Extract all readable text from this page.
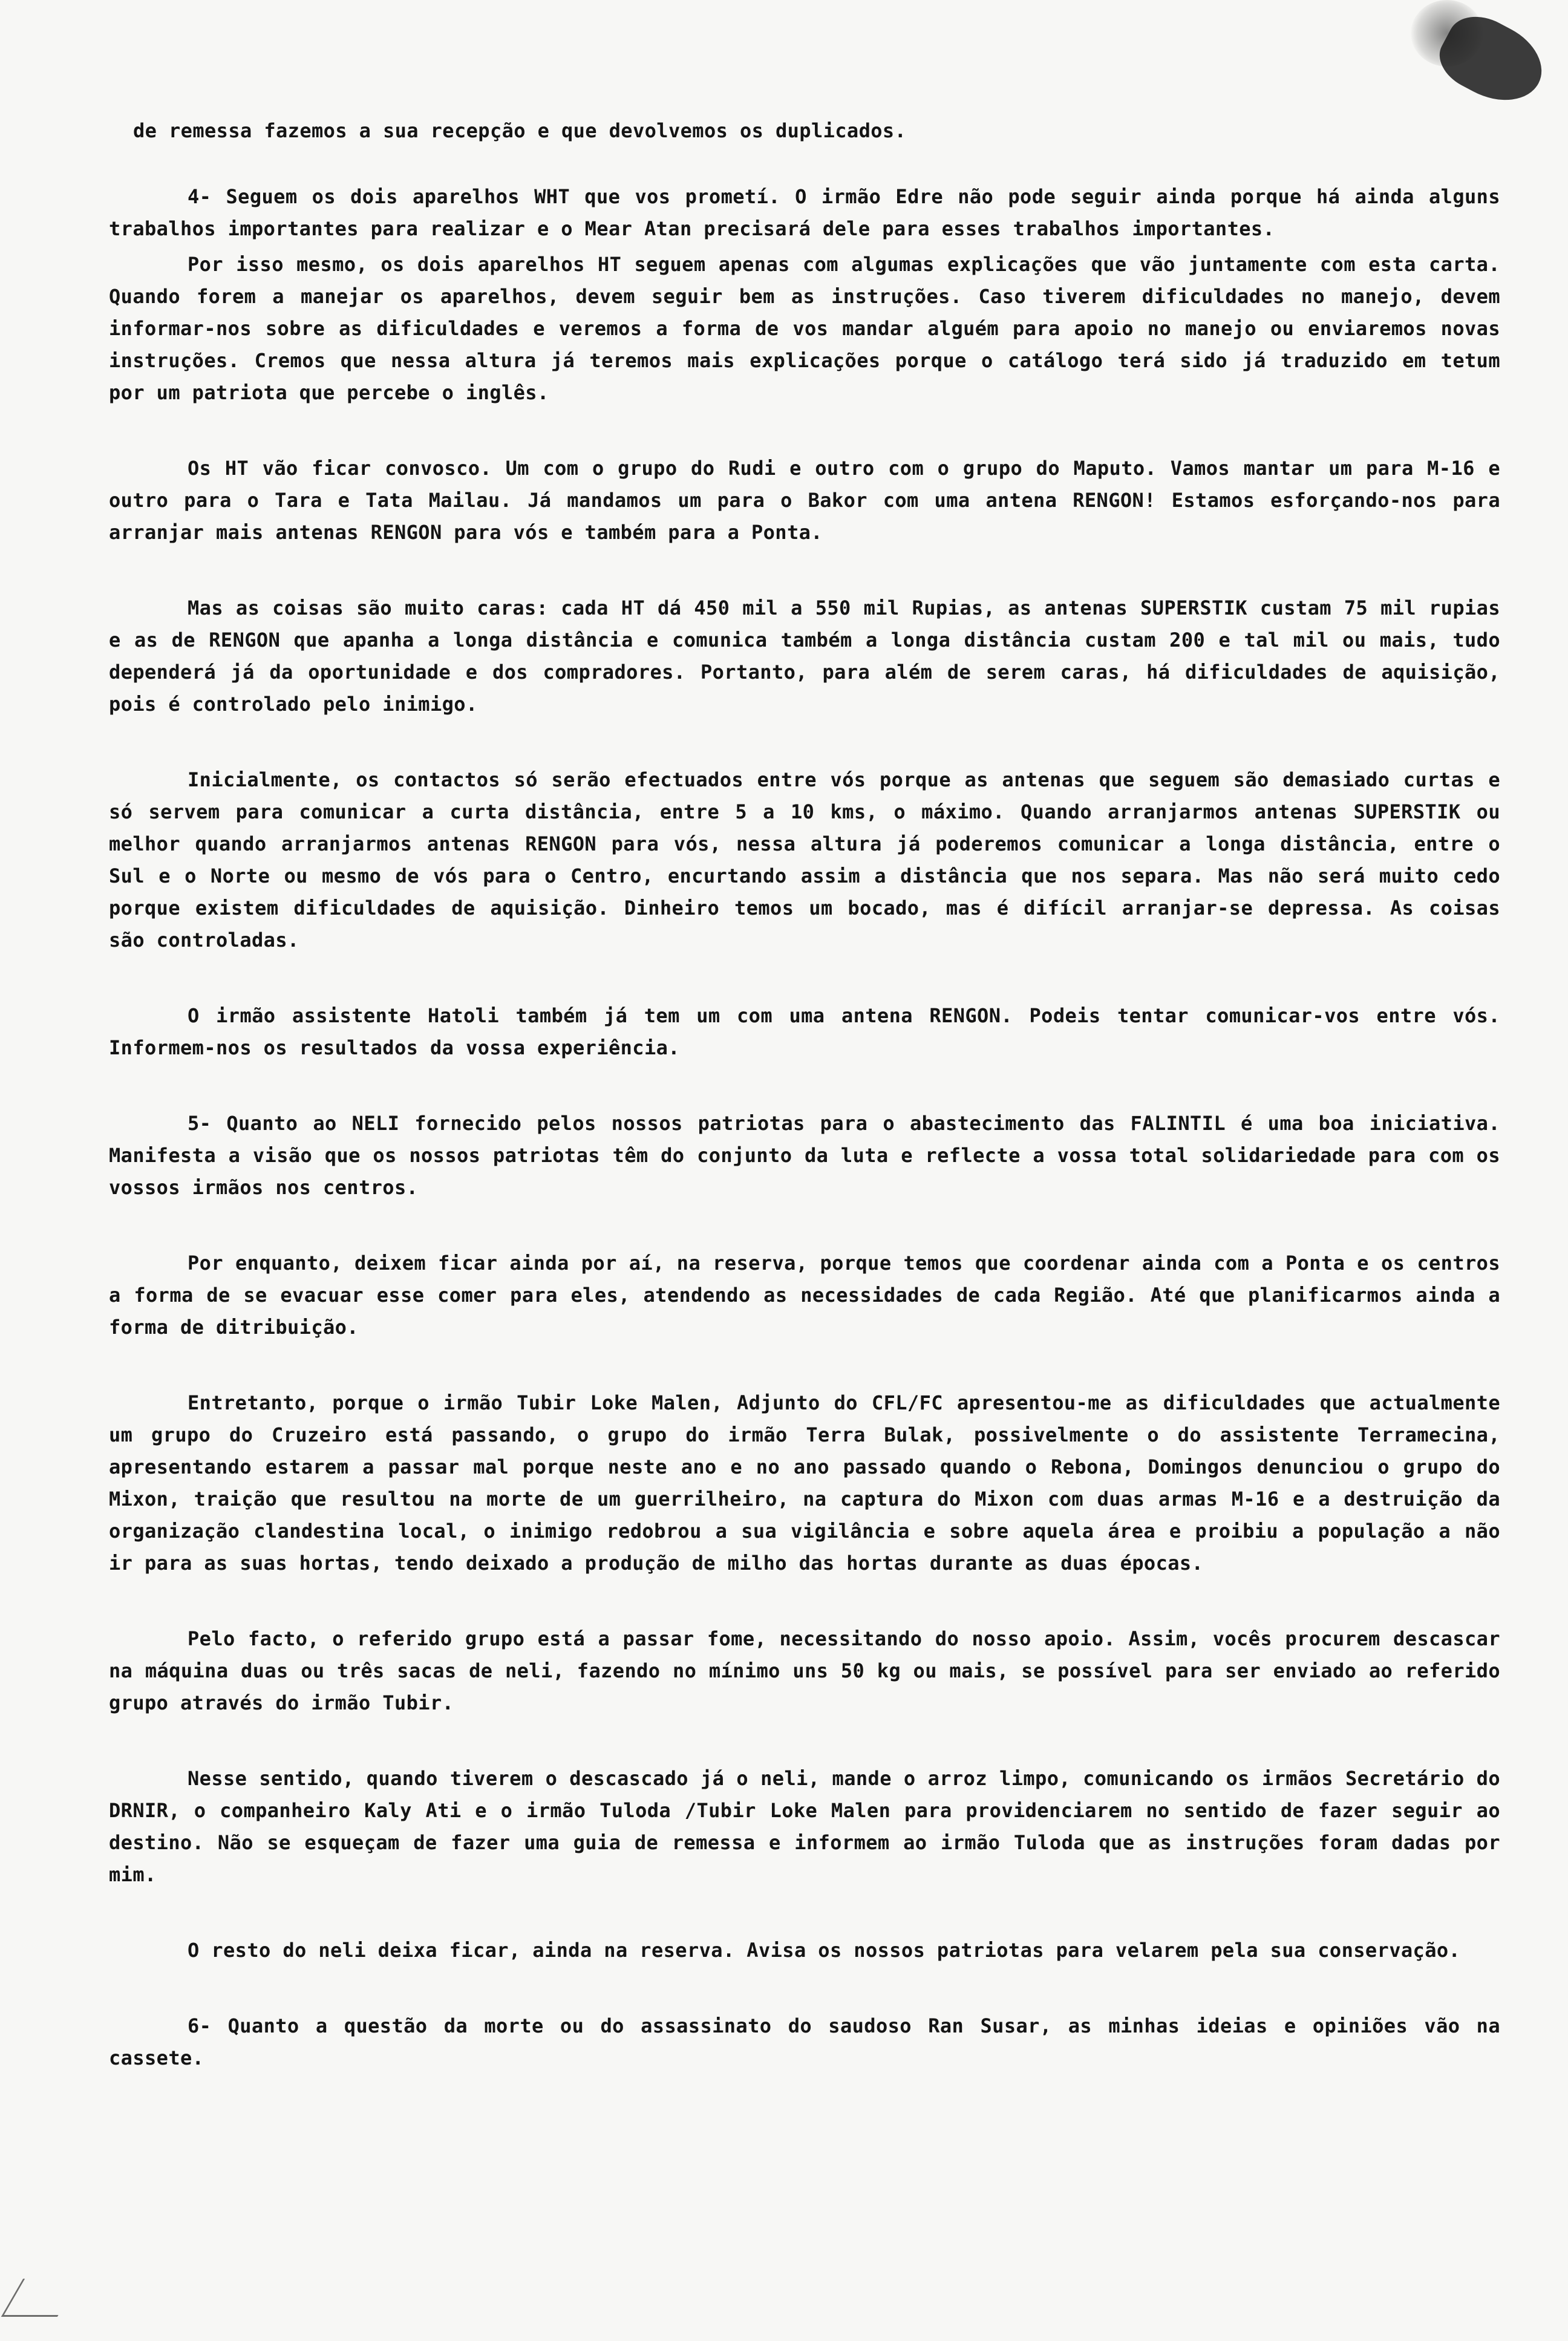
de remessa fazemos a sua recepção e que devolvemos os duplicados.

4- Seguem os dois aparelhos WHT que vos prometí. O irmão Edre não pode seguir ainda porque há ainda alguns trabalhos importantes para realizar e o Mear Atan precisará dele para esses trabalhos importantes.

Por isso mesmo, os dois aparelhos HT seguem apenas com algumas explicações que vão juntamente com esta carta. Quando forem a manejar os aparelhos, devem seguir bem as instruções. Caso tiverem dificuldades no manejo, devem informar-nos sobre as dificuldades e veremos a forma de vos mandar alguém para apoio no manejo ou enviaremos novas instruções. Cremos que nessa altura já teremos mais explicações porque o catálogo terá sido já traduzido em tetum por um patriota que percebe o inglês.

Os HT vão ficar convosco. Um com o grupo do Rudi e outro com o grupo do Maputo. Vamos mantar um para M-16 e outro para o Tara e Tata Mailau. Já mandamos um para o Bakor com uma antena RENGON! Estamos esforçando-nos para arranjar mais antenas RENGON para vós e também para a Ponta.

Mas as coisas são muito caras: cada HT dá 450 mil a 550 mil Rupias, as antenas SUPERSTIK custam 75 mil rupias e as de RENGON que apanha a longa distância e comunica também a longa distância custam 200 e tal mil ou mais, tudo dependerá já da oportunidade e dos compradores. Portanto, para além de serem caras, há dificuldades de aquisição, pois é controlado pelo inimigo.

Inicialmente, os contactos só serão efectuados entre vós porque as antenas que seguem são demasiado curtas e só servem para comunicar a curta distância, entre 5 a 10 kms, o máximo. Quando arranjarmos antenas SUPERSTIK ou melhor quando arranjarmos antenas RENGON para vós, nessa altura já poderemos comunicar a longa distância, entre o Sul e o Norte ou mesmo de vós para o Centro, encurtando assim a distância que nos separa. Mas não será muito cedo porque existem dificuldades de aquisição. Dinheiro temos um bocado, mas é difícil arranjar-se depressa. As coisas são controladas.

O irmão assistente Hatoli também já tem um com uma antena RENGON. Podeis tentar comunicar-vos entre vós. Informem-nos os resultados da vossa experiência.

5- Quanto ao NELI fornecido pelos nossos patriotas para o abastecimento das FALINTIL é uma boa iniciativa. Manifesta a visão que os nossos patriotas têm do conjunto da luta e reflecte a vossa total solidariedade para com os vossos irmãos nos centros.

Por enquanto, deixem ficar ainda por aí, na reserva, porque temos que coordenar ainda com a Ponta e os centros a forma de se evacuar esse comer para eles, atendendo as necessidades de cada Região. Até que planificarmos ainda a forma de ditribuição.

Entretanto, porque o irmão Tubir Loke Malen, Adjunto do CFL/FC apresentou-me as dificuldades que actualmente um grupo do Cruzeiro está passando, o grupo do irmão Terra Bulak, possivelmente o do assistente Terramecina, apresentando estarem a passar mal porque neste ano e no ano passado quando o Rebona, Domingos denunciou o grupo do Mixon, traição que resultou na morte de um guerrilheiro, na captura do Mixon com duas armas M-16 e a destruição da organização clandestina local, o inimigo redobrou a sua vigilância e sobre aquela área e proibiu a população a não ir para as suas hortas, tendo deixado a produção de milho das hortas durante as duas épocas.

Pelo facto, o referido grupo está a passar fome, necessitando do nosso apoio. Assim, vocês procurem descascar na máquina duas ou três sacas de neli, fazendo no mínimo uns 50 kg ou mais, se possível para ser enviado ao referido grupo através do irmão Tubir.

Nesse sentido, quando tiverem o descascado já o neli, mande o arroz limpo, comunicando os irmãos Secretário do DRNIR, o companheiro Kaly Ati e o irmão Tuloda /Tubir Loke Malen para providenciarem no sentido de fazer seguir ao destino. Não se esqueçam de fazer uma guia de remessa e informem ao irmão Tuloda que as instruções foram dadas por mim.

O resto do neli deixa ficar, ainda na reserva. Avisa os nossos patriotas para velarem pela sua conservação.

6- Quanto a questão da morte ou do assassinato do saudoso Ran Susar, as minhas ideias e opiniões vão na cassete.
